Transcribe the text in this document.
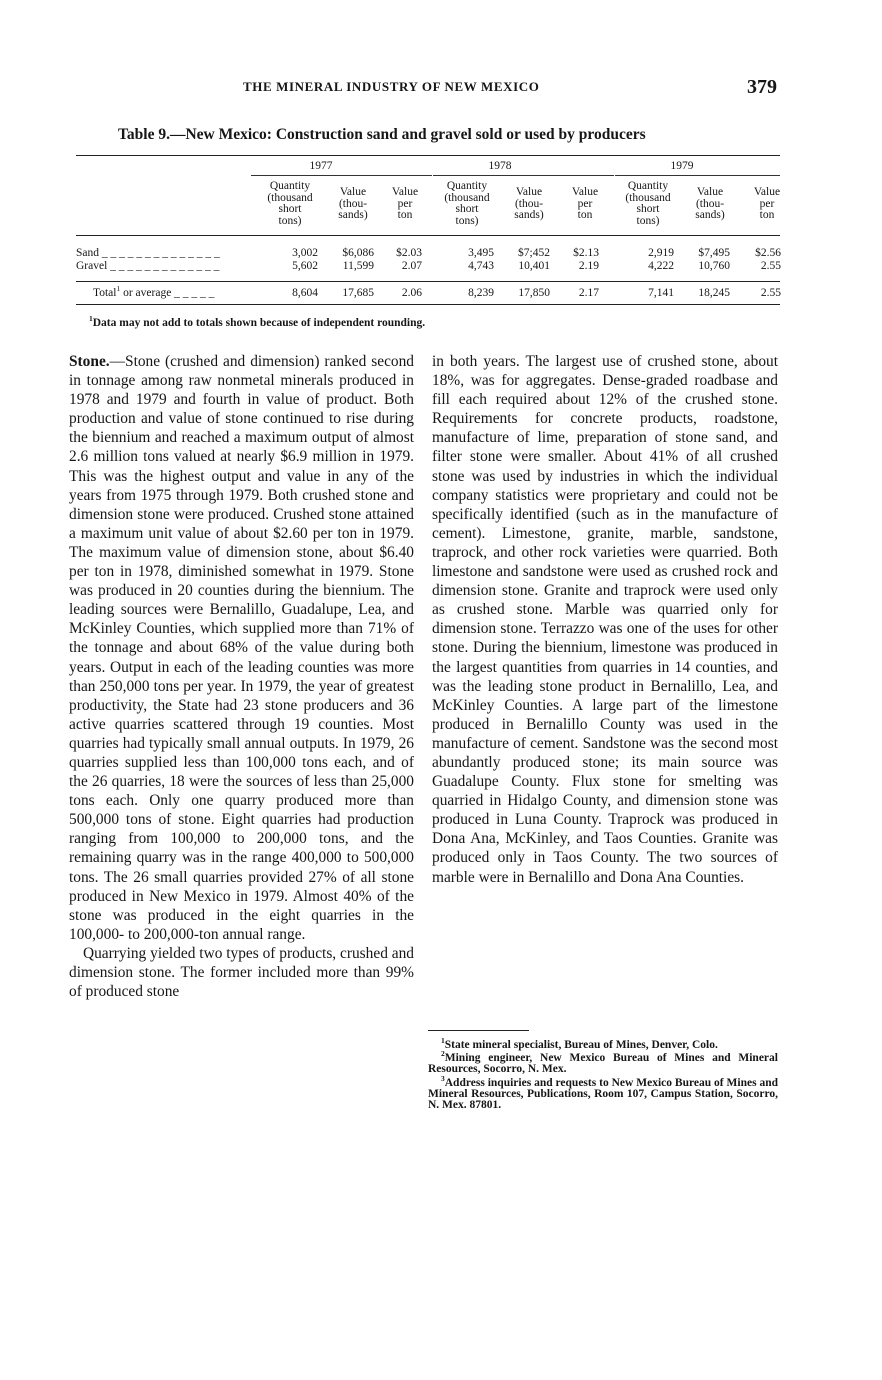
THE MINERAL INDUSTRY OF NEW MEXICO	379
Table 9.—New Mexico: Construction sand and gravel sold or used by producers
1977	1978	1979
Quantity
(thousand
short
tons)
Value
(thou-
sands)
Value
per
ton
Quantity
(thousand
short
tons)
Value
(thou-
sands)
Value
per
ton
Quantity
(thousand
short
tons)
Value
(thou-
sands)
Value
per
ton
Sand _ _ _ _ _ _ _ _ _ _ _ _ _ _	3,002	$6,086	$2.03	3,495	$7;452	$2.13	2,919	$7,495	$2.56
Gravel _ _ _ _ _ _ _ _ _ _ _ _ _	5,602	11,599	2.07	4,743	10,401	2.19	4,222	10,760	2.55
Total$^1$ or average _ _ _ _ _	8,604	17,685	2.06	8,239	17,850	2.17	7,141	18,245	2.55
$^1$Data may not add to totals shown because of independent rounding.

Stone.—Stone (crushed and dimension) ranked second in tonnage among raw nonmetal minerals produced in 1978 and 1979 and fourth in value of product. Both production and value of stone continued to rise during the biennium and reached a maximum output of almost 2.6 million tons valued at nearly $6.9 million in 1979. This was the highest output and value in any of the years from 1975 through 1979. Both crushed stone and dimension stone were produced. Crushed stone attained a maximum unit value of about $2.60 per ton in 1979. The maximum value of dimension stone, about $6.40 per ton in 1978, diminished somewhat in 1979. Stone was produced in 20 counties during the biennium. The leading sources were Bernalillo, Guadalupe, Lea, and McKinley Counties, which supplied more than 71% of the tonnage and about 68% of the value during both years. Output in each of the leading counties was more than 250,000 tons per year. In 1979, the year of greatest productivity, the State had 23 stone producers and 36 active quarries scattered through 19 counties. Most quarries had typically small annual outputs. In 1979, 26 quarries supplied less than 100,000 tons each, and of the 26 quarries, 18 were the sources of less than 25,000 tons each. Only one quarry produced more than 500,000 tons of stone. Eight quarries had production ranging from 100,000 to 200,000 tons, and the remaining quarry was in the range 400,000 to 500,000 tons. The 26 small quarries provided 27% of all stone produced in New Mexico in 1979. Almost 40% of the stone was produced in the eight quarries in the 100,000- to 200,000-ton annual range.

Quarrying yielded two types of products, crushed and dimension stone. The former included more than 99% of produced stone

in both years. The largest use of crushed stone, about 18%, was for aggregates. Dense-graded roadbase and fill each required about 12% of the crushed stone. Requirements for concrete products, roadstone, manufacture of lime, preparation of stone sand, and filter stone were smaller. About 41% of all crushed stone was used by industries in which the individual company statistics were proprietary and could not be specifically identified (such as in the manufacture of cement). Limestone, granite, marble, sandstone, traprock, and other rock varieties were quarried. Both limestone and sandstone were used as crushed rock and dimension stone. Granite and traprock were used only as crushed stone. Marble was quarried only for dimension stone. Terrazzo was one of the uses for other stone. During the biennium, limestone was produced in the largest quantities from quarries in 14 counties, and was the leading stone product in Bernalillo, Lea, and McKinley Counties. A large part of the limestone produced in Bernalillo County was used in the manufacture of cement. Sandstone was the second most abundantly produced stone; its main source was Guadalupe County. Flux stone for smelting was quarried in Hidalgo County, and dimension stone was produced in Luna County. Traprock was produced in Dona Ana, McKinley, and Taos Counties. Granite was produced only in Taos County. The two sources of marble were in Bernalillo and Dona Ana Counties.

$^1$State mineral specialist, Bureau of Mines, Denver, Colo.

$^2$Mining engineer, New Mexico Bureau of Mines and Mineral Resources, Socorro, N. Mex.

$^3$Address inquiries and requests to New Mexico Bureau of Mines and Mineral Resources, Publications, Room 107, Campus Station, Socorro, N. Mex. 87801.
